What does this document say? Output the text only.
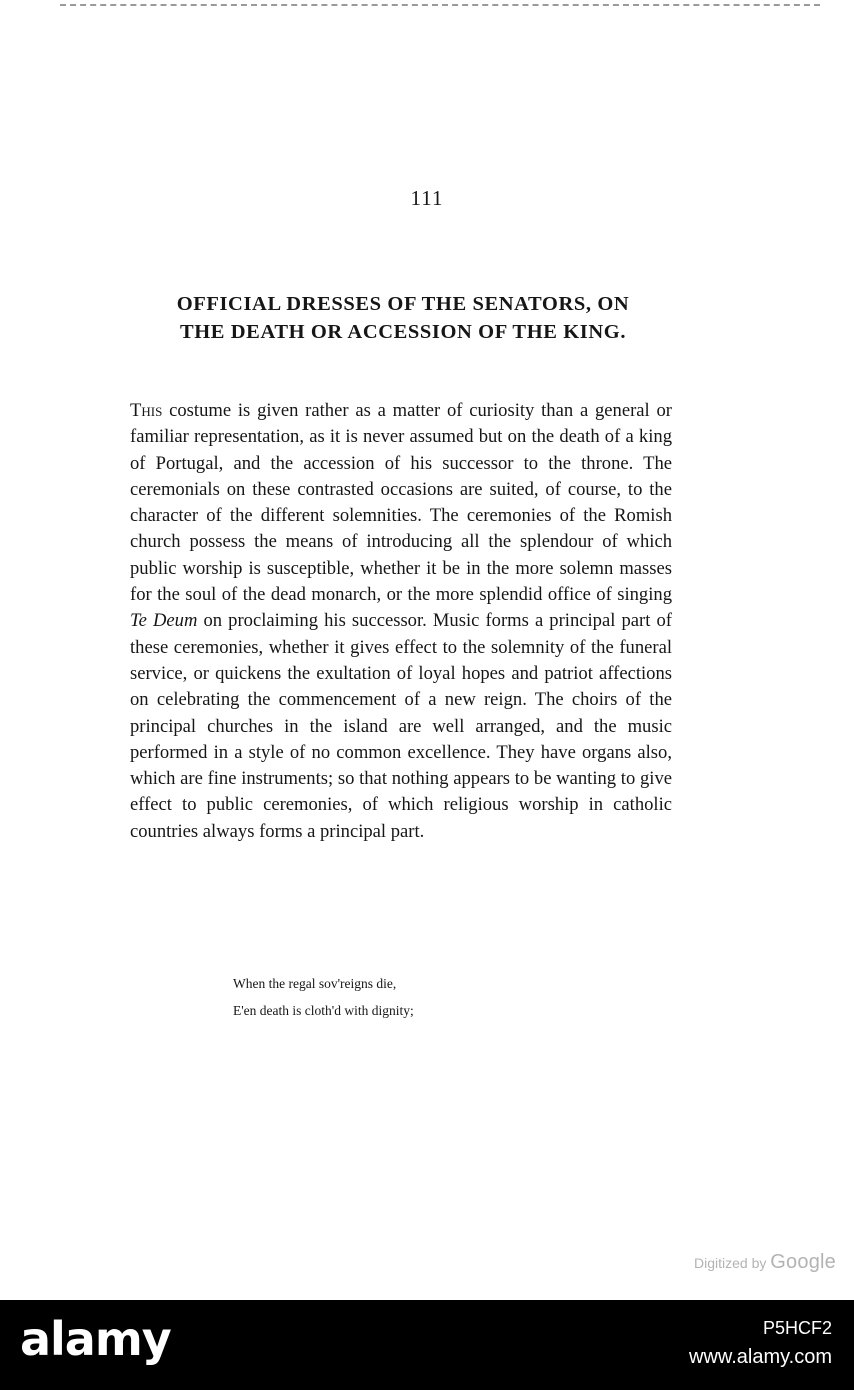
111
OFFICIAL DRESSES OF THE SENATORS, ON
THE DEATH OR ACCESSION OF THE KING.

This costume is given rather as a matter of curiosity than a general or familiar representation, as it is never assumed but on the death of a king of Portugal, and the accession of his successor to the throne. The ceremonials on these contrasted occasions are suited, of course, to the character of the different solemnities. The ceremonies of the Romish church possess the means of introducing all the splendour of which public worship is susceptible, whether it be in the more solemn masses for the soul of the dead monarch, or the more splendid office of singing Te Deum on proclaiming his successor. Music forms a principal part of these ceremonies, whether it gives effect to the solemnity of the funeral service, or quickens the exultation of loyal hopes and patriot affections on celebrating the commencement of a new reign. The choirs of the principal churches in the island are well arranged, and the music performed in a style of no common excellence. They have organs also, which are fine instruments; so that nothing appears to be wanting to give effect to public ceremonies, of which religious worship in catholic countries always forms a principal part.

When the regal sov'reigns die,
E'en death is cloth'd with dignity;
Digitized by Google
alamy	P5HCF2
www.alamy.com
